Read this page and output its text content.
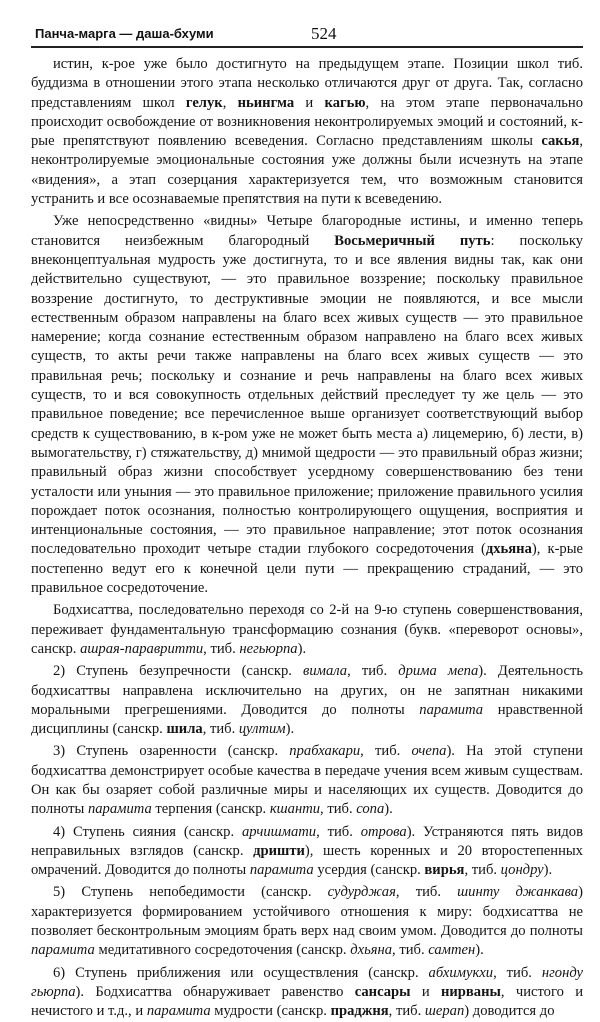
Панча-марга — даша-бхуми	524

истин, к-рое уже было достигнуто на предыдущем этапе. Позиции школ тиб. буддизма в отношении этого этапа несколько отличаются друг от друга. Так, согласно представлениям школ гелук, ньингма и кагью, на этом этапе первоначально происходит освобождение от возникновения неконтролируемых эмоций и состояний, к-рые препятствуют появлению всеведения. Согласно представлениям школы сакья, неконтролируемые эмоциональные состояния уже должны были исчезнуть на этапе «видения», а этап созерцания характеризуется тем, что возможным становится устранить и все осознаваемые препятствия на пути к всеведению.

Уже непосредственно «видны» Четыре благородные истины, и именно теперь становится неизбежным благородный Восьмеричный путь: поскольку внеконцептуальная мудрость уже достигнута, то и все явления видны так, как они действительно существуют, — это правильное воззрение; поскольку правильное воззрение достигнуто, то деструктивные эмоции не появляются, и все мысли естественным образом направлены на благо всех живых существ — это правильное намерение; когда сознание естественным образом направлено на благо всех живых существ, то акты речи также направлены на благо всех живых существ — это правильная речь; поскольку и сознание и речь направлены на благо всех живых существ, то и вся совокупность отдельных действий преследует ту же цель — это правильное поведение; все перечисленное выше организует соответствующий выбор средств к существованию, в к-ром уже не может быть места а) лицемерию, б) лести, в) вымогательству, г) стяжательству, д) мнимой щедрости — это правильный образ жизни; правильный образ жизни способствует усердному совершенствованию без тени усталости или уныния — это правильное приложение; приложение правильного усилия порождает поток осознания, полностью контролирующего ощущения, восприятия и интенциональные состояния, — это правильное направление; этот поток осознания последовательно проходит четыре стадии глубокого сосредоточения (дхьяна), к-рые постепенно ведут его к конечной цели пути — прекращению страданий, — это правильное сосредоточение.

Бодхисаттва, последовательно переходя со 2-й на 9-ю ступень совершенствования, переживает фундаментальную трансформацию сознания (букв. «переворот основы», санскр. ашрая-паравритти, тиб. негьюрпа).

2) Ступень безупречности (санскр. вимала, тиб. дрима мепа). Деятельность бодхисаттвы направлена исключительно на других, он не запятнан никакими моральными прегрешениями. Доводится до полноты парамита нравственной дисциплины (санскр. шила, тиб. цултим).

3) Ступень озаренности (санскр. прабхакари, тиб. очепа). На этой ступени бодхисаттва демонстрирует особые качества в передаче учения всем живым существам. Он как бы озаряет собой различные миры и населяющих их существ. Доводится до полноты парамита терпения (санскр. кшанти, тиб. сопа).

4) Ступень сияния (санскр. арчишмати, тиб. отрова). Устраняются пять видов неправильных взглядов (санскр. дришти), шесть коренных и 20 второстепенных омрачений. Доводится до полноты парамита усердия (санскр. вирья, тиб. цондру).

5) Ступень непобедимости (санскр. судурджая, тиб. шинту джанкава) характеризуется формированием устойчивого отношения к миру: бодхисаттва не позволяет бесконтрольным эмоциям брать верх над своим умом. Доводится до полноты парамита медитативного сосредоточения (санскр. дхьяна, тиб. самтен).

6) Ступень приближения или осуществления (санскр. абхимукхи, тиб. нгонду гьюрпа). Бодхисаттва обнаруживает равенство сансары и нирваны, чистого и нечистого и т.д., и парамита мудрости (санскр. праджня, тиб. шерап) доводится до
